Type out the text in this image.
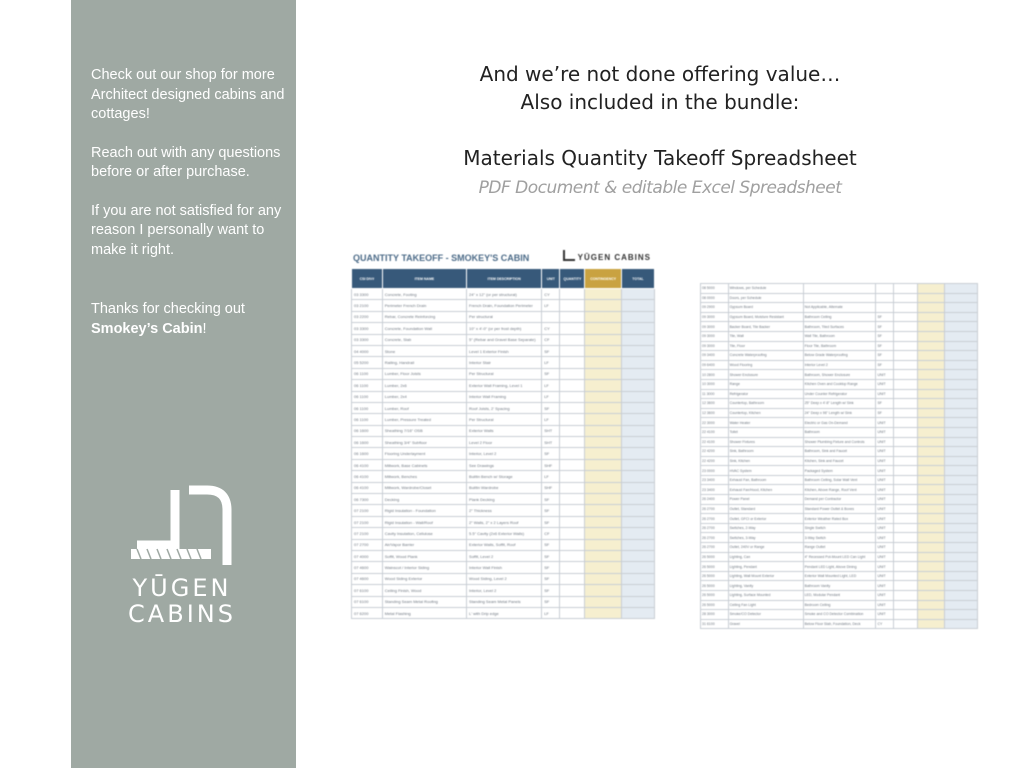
Check out our shop for more Architect designed cabins and cottages!

Reach out with any questions before or after purchase.

If you are not satisfied for any reason I personally want to make it right.

Thanks for checking out
Smokey’s Cabin!

YŪGEN
CABINS
And we’re not done offering value…
Also included in the bundle:
Materials Quantity Takeoff Spreadsheet
PDF Document & editable Excel Spreadsheet
QUANTITY TAKEOFF - SMOKEY'S CABIN	YŪGEN CABINS
CSI DIV#	ITEM NAME	ITEM DESCRIPTION	UNIT	QUANTITY	CONTINGENCY	TOTAL
03 3300	Concrete, Footing	24" x 12" (or per structural)	CY			
03 2100	Perimeter French Drain	French Drain, Foundation Perimeter	LF			
03 2200	Rebar, Concrete Reinforcing	Per structural				
03 3300	Concrete, Foundation Wall	10" x 4'-0" (or per frost depth)	CY			
03 3300	Concrete, Slab	5" (Rebar and Gravel Base Separate)	CF			
04 4000	Stone	Level 1 Exterior Finish	SF			
05 5200	Railing, Handrail	Interior Stair	LF			
06 1100	Lumber, Floor Joists	Per Structural	SF			
06 1100	Lumber, 2x6	Exterior Wall Framing, Level 1	LF			
06 1100	Lumber, 2x4	Interior Wall Framing	LF			
06 1100	Lumber, Roof	Roof Joists, 2' Spacing	SF			
06 1100	Lumber, Pressure Treated	Per Structural	LF			
06 1600	Sheathing 7/16" OSB	Exterior Walls	SHT			
06 1600	Sheathing 3/4" Subfloor	Level 2 Floor	SHT			
06 1600	Flooring Underlayment	Interior, Level 2	SF			
06 4100	Millwork, Base Cabinets	See Drawings	SHF			
06 4100	Millwork, Benches	Builtin Bench w/ Storage	LF			
06 4100	Millwork, Wardrobe/Closet	Builtin Wardrobe	SHF			
06 7300	Decking	Plank Decking	SF			
07 2100	Rigid Insulation - Foundation	2" Thickness	SF			
07 2100	Rigid Insulation - Wall/Roof	2" Walls, 2" x 2 Layers Roof	SF			
07 2100	Cavity Insulation, Cellulose	5.5" Cavity (2x6 Exterior Walls)	CF			
07 2700	Air/Vapor Barrier	Exterior Walls, Soffit, Roof	SF			
07 4000	Soffit, Wood Plank	Soffit, Level 2	SF			
07 4600	Wainscot / Interior Siding	Interior Wall Finish	SF			
07 4600	Wood Siding Exterior	Wood Siding, Level 2	SF			
07 6100	Ceiling Finish, Wood	Interior, Level 2	SF			
07 6100	Standing Seam Metal Roofing	Standing Seam Metal Panels	SF			
07 6200	Metal Flashing	L' with Drip edge	LF			
08 5000	Windows, per Schedule					
08 0000	Doors, per Schedule					
09 2900	Gypsum Board	Not Applicable, Alternate				
09 3000	Gypsum Board, Moisture Resistant	Bathroom Ceiling	SF			
09 3000	Backer Board, Tile Backer	Bathroom, Tiled Surfaces	SF			
09 3000	Tile, Wall	Wall Tile, Bathroom	SF			
09 3000	Tile, Floor	Floor Tile, Bathroom	SF			
09 3400	Concrete Waterproofing	Below Grade Waterproofing	SF			
09 6400	Wood Flooring	Interior Level 2	SF			
10 2800	Shower Enclosure	Bathroom, Shower Enclosure	UNIT			
10 3000	Range	Kitchen Oven and Cooktop Range	UNIT			
11 3000	Refrigerator	Under Counter Refrigerator	UNIT			
12 3600	Countertop, Bathroom	25" Deep x 4'-8" Length w/ Sink	SF			
12 3600	Countertop, Kitchen	24" Deep x 96" Length w/ Sink	SF			
22 3000	Water Heater	Electric or Gas On-Demand	UNIT			
22 4100	Toilet	Bathroom	UNIT			
22 4100	Shower Fixtures	Shower Plumbing Fixture and Controls	UNIT			
22 4200	Sink, Bathroom	Bathroom, Sink and Faucet	UNIT			
22 4200	Sink, Kitchen	Kitchen, Sink and Faucet	UNIT			
23 0000	HVAC System	Packaged System	UNIT			
23 3400	Exhaust Fan, Bathroom	Bathroom Ceiling, Solar Wall Vent	UNIT			
23 3400	Exhaust Fan/Hood, Kitchen	Kitchen, Above Range, Roof Vent	UNIT			
26 2400	Power Panel	Demand per Contractor	UNIT			
26 2700	Outlet, Standard	Standard Power Outlet & Boxes	UNIT			
26 2700	Outlet, GFCI or Exterior	Exterior Weather Rated Box	UNIT			
26 2700	Switches, 2-Way	Single Switch	UNIT			
26 2700	Switches, 3-Way	3-Way Switch	UNIT			
26 2700	Outlet, 240V or Range	Range Outlet	UNIT			
26 5000	Lighting, Can	4" Recessed Pot-Mount LED Can Light	UNIT			
26 5000	Lighting, Pendant	Pendant LED Light, Above Dining	UNIT			
26 5000	Lighting, Wall Mount Exterior	Exterior Wall Mounted Light, LED	UNIT			
26 5000	Lighting, Vanity	Bathroom Vanity	UNIT			
26 5000	Lighting, Surface Mounted	LED, Modular Pendant	UNIT			
26 5000	Ceiling Fan Light	Bedroom Ceiling	UNIT			
28 3000	Smoke/CO Detector	Smoke and CO Detector Combination	UNIT			
31 6100	Gravel	Below Floor Slab, Foundation, Deck	CY			
